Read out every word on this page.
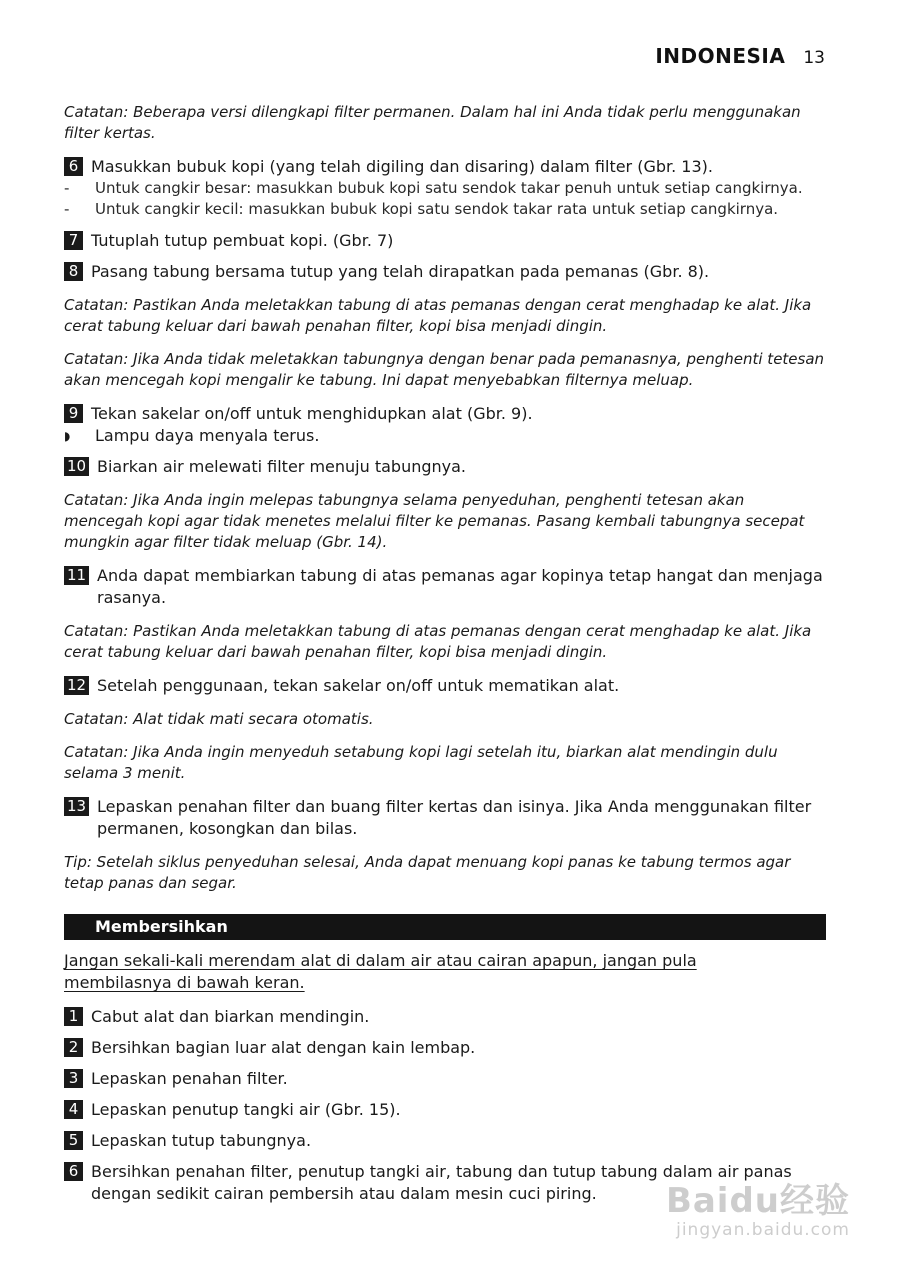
INDONESIA 13

Catatan: Beberapa versi dilengkapi filter permanen. Dalam hal ini Anda tidak perlu menggunakan filter kertas.

6 Masukkan bubuk kopi (yang telah digiling dan disaring) dalam filter (Gbr. 13).
-	Untuk cangkir besar: masukkan bubuk kopi satu sendok takar penuh untuk setiap cangkirnya.
-	Untuk cangkir kecil: masukkan bubuk kopi satu sendok takar rata untuk setiap cangkirnya.
7 Tutuplah tutup pembuat kopi. (Gbr. 7)
8 Pasang tabung bersama tutup yang telah dirapatkan pada pemanas (Gbr. 8).

Catatan: Pastikan Anda meletakkan tabung di atas pemanas dengan cerat menghadap ke alat. Jika cerat tabung keluar dari bawah penahan filter, kopi bisa menjadi dingin.

Catatan: Jika Anda tidak meletakkan tabungnya dengan benar pada pemanasnya, penghenti tetesan akan mencegah kopi mengalir ke tabung. Ini dapat menyebabkan filternya meluap.

9 Tekan sakelar on/off untuk menghidupkan alat (Gbr. 9).
◗	Lampu daya menyala terus.
10 Biarkan air melewati filter menuju tabungnya.

Catatan: Jika Anda ingin melepas tabungnya selama penyeduhan, penghenti tetesan akan mencegah kopi agar tidak menetes melalui filter ke pemanas. Pasang kembali tabungnya secepat mungkin agar filter tidak meluap (Gbr. 14).

11 Anda dapat membiarkan tabung di atas pemanas agar kopinya tetap hangat dan menjaga rasanya.

Catatan: Pastikan Anda meletakkan tabung di atas pemanas dengan cerat menghadap ke alat. Jika cerat tabung keluar dari bawah penahan filter, kopi bisa menjadi dingin.

12 Setelah penggunaan, tekan sakelar on/off untuk mematikan alat.

Catatan: Alat tidak mati secara otomatis.

Catatan: Jika Anda ingin menyeduh setabung kopi lagi setelah itu, biarkan alat mendingin dulu selama 3 menit.

13 Lepaskan penahan filter dan buang filter kertas dan isinya. Jika Anda menggunakan filter permanen, kosongkan dan bilas.

Tip: Setelah siklus penyeduhan selesai, Anda dapat menuang kopi panas ke tabung termos agar tetap panas dan segar.

Membersihkan
Jangan sekali-kali merendam alat di dalam air atau cairan apapun, jangan pula membilasnya di bawah keran.
1 Cabut alat dan biarkan mendingin.
2 Bersihkan bagian luar alat dengan kain lembap.
3 Lepaskan penahan filter.
4 Lepaskan penutup tangki air (Gbr. 15).
5 Lepaskan tutup tabungnya.
6 Bersihkan penahan filter, penutup tangki air, tabung dan tutup tabung dalam air panas dengan sedikit cairan pembersih atau dalam mesin cuci piring.	Baidu经验
jingyan.baidu.com
